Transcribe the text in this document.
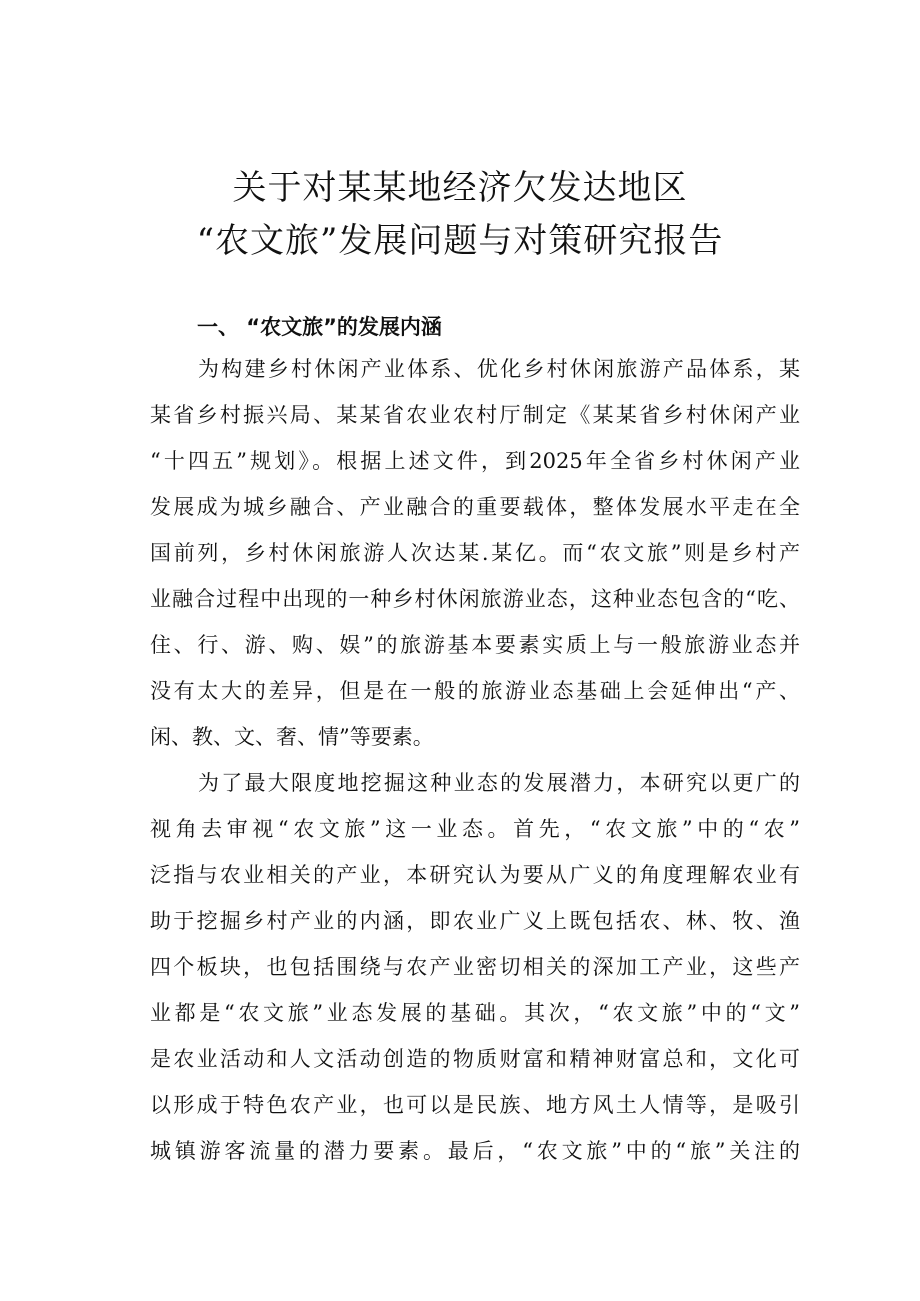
关于对某某地经济欠发达地区
“农文旅”发展问题与对策研究报告
一、 “农文旅”的发展内涵
为构建乡村休闲产业体系、优化乡村休闲旅游产品体系，某
某省乡村振兴局、某某省农业农村厅制定《某某省乡村休闲产业
“十四五”规划》。根据上述文件，到2025年全省乡村休闲产业
发展成为城乡融合、产业融合的重要载体，整体发展水平走在全
国前列，乡村休闲旅游人次达某.某亿。而“农文旅”则是乡村产
业融合过程中出现的一种乡村休闲旅游业态，这种业态包含的“吃、
住、行、游、购、娱”的旅游基本要素实质上与一般旅游业态并
没有太大的差异，但是在一般的旅游业态基础上会延伸出“产、
闲、教、文、奢、情”等要素。
为了最大限度地挖掘这种业态的发展潜力，本研究以更广的
视角去审视“农文旅”这一业态。首先，“农文旅”中的“农”
泛指与农业相关的产业，本研究认为要从广义的角度理解农业有
助于挖掘乡村产业的内涵，即农业广义上既包括农、林、牧、渔
四个板块，也包括围绕与农产业密切相关的深加工产业，这些产
业都是“农文旅”业态发展的基础。其次，“农文旅”中的“文”
是农业活动和人文活动创造的物质财富和精神财富总和，文化可
以形成于特色农产业，也可以是民族、地方风土人情等，是吸引
城镇游客流量的潜力要素。最后，“农文旅”中的“旅”关注的
